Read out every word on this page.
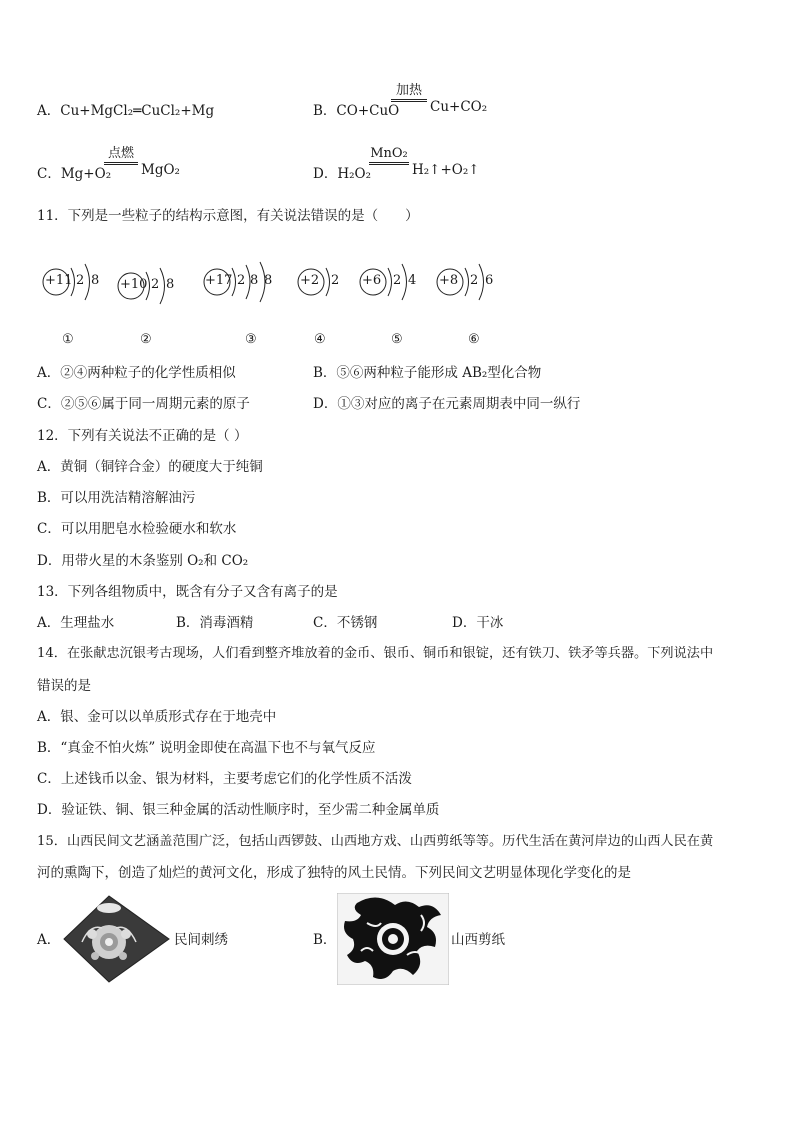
A．Cu+MgCl₂═CuCl₂+Mg	B．CO+CuO
加热
Cu+CO₂
C．Mg+O₂
点燃
MgO₂	D．H₂O₂
MnO₂
H₂↑+O₂↑
11．下列是一些粒子的结构示意图，有关说法错误的是（　　）
+11 2 8
①
+10 2 8
②
+17 2 8 8
③
+2 2
④
+6 2 4
⑤
+8 2 6
⑥
A．②④两种粒子的化学性质相似	B．⑤⑥两种粒子能形成 AB₂型化合物
C．②⑤⑥属于同一周期元素的原子	D．①③对应的离子在元素周期表中同一纵行
12．下列有关说法不正确的是（ ）
A．黄铜（铜锌合金）的硬度大于纯铜
B．可以用洗洁精溶解油污
C．可以用肥皂水检验硬水和软水
D．用带火星的木条鉴别 O₂和 CO₂
13．下列各组物质中，既含有分子又含有离子的是
A．生理盐水	B．消毒酒精	C．不锈钢	D．干冰
14．在张献忠沉银考古现场，人们看到整齐堆放着的金币、银币、铜币和银锭，还有铁刀、铁矛等兵器。下列说法中
错误的是
A．银、金可以以单质形式存在于地壳中
B．“真金不怕火炼” 说明金即使在高温下也不与氧气反应
C．上述钱币以金、银为材料，主要考虑它们的化学性质不活泼
D．验证铁、铜、银三种金属的活动性顺序时，至少需二种金属单质
15．山西民间文艺涵盖范围广泛，包括山西锣鼓、山西地方戏、山西剪纸等等。历代生活在黄河岸边的山西人民在黄
河的熏陶下，创造了灿烂的黄河文化，形成了独特的风土民情。下列民间文艺明显体现化学变化的是
A．	民间刺绣	B．	山西剪纸
